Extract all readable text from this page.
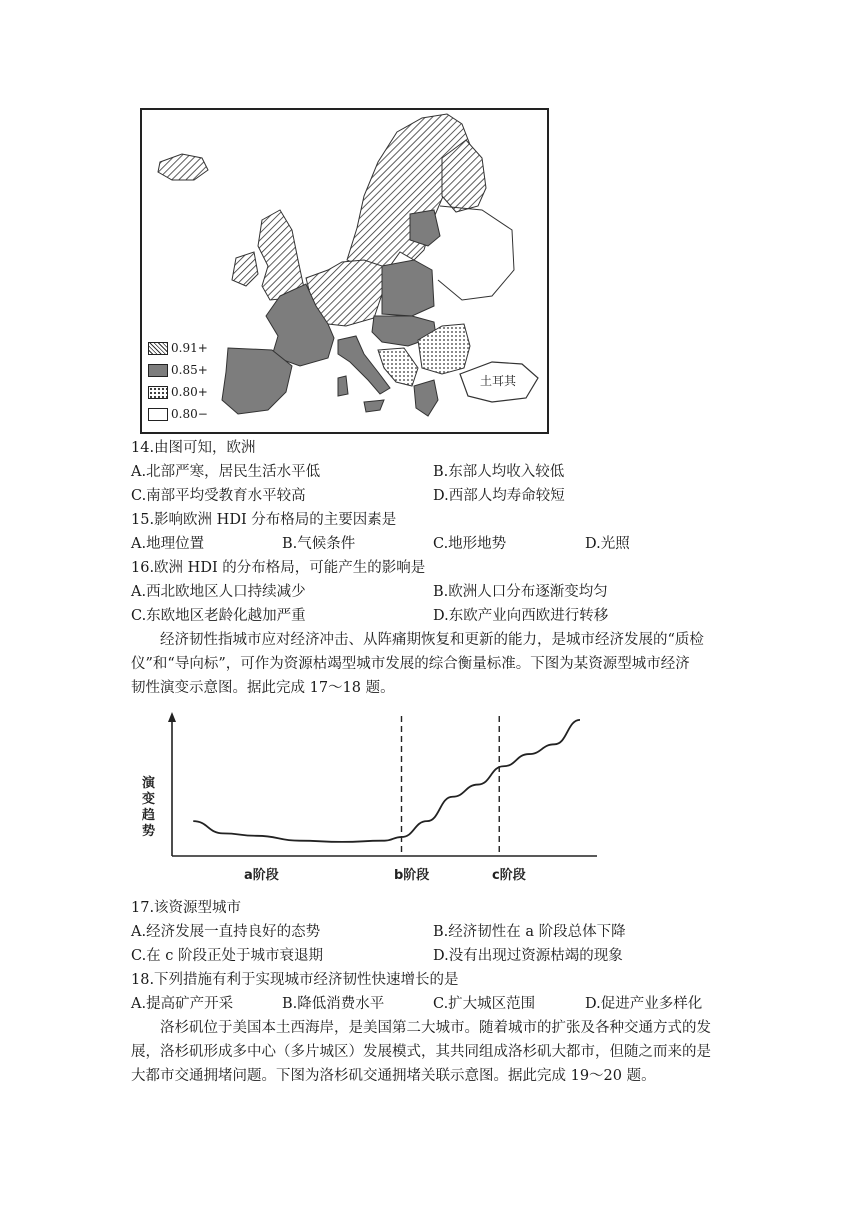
土耳其
0.91+
0.85+
0.80+
0.80−
14.由图可知，欧洲
A.北部严寒，居民生活水平低	B.东部人均收入较低
C.南部平均受教育水平较高	D.西部人均寿命较短
15.影响欧洲 HDI 分布格局的主要因素是
A.地理位置	B.气候条件	C.地形地势	D.光照
16.欧洲 HDI 的分布格局，可能产生的影响是
A.西北欧地区人口持续减少	B.欧洲人口分布逐渐变均匀
C.东欧地区老龄化越加严重	D.东欧产业向西欧进行转移
经济韧性指城市应对经济冲击、从阵痛期恢复和更新的能力，是城市经济发展的“质检
仪”和“导向标”，可作为资源枯竭型城市发展的综合衡量标准。下图为某资源型城市经济
韧性演变示意图。据此完成 17～18 题。
演变趋势
a阶段	b阶段	c阶段
17.该资源型城市
A.经济发展一直持良好的态势	B.经济韧性在 a 阶段总体下降
C.在 c 阶段正处于城市衰退期	D.没有出现过资源枯竭的现象
18.下列措施有利于实现城市经济韧性快速增长的是
A.提高矿产开采	B.降低消费水平	C.扩大城区范围	D.促进产业多样化
洛杉矶位于美国本土西海岸，是美国第二大城市。随着城市的扩张及各种交通方式的发
展，洛杉矶形成多中心（多片城区）发展模式，其共同组成洛杉矶大都市，但随之而来的是
大都市交通拥堵问题。下图为洛杉矶交通拥堵关联示意图。据此完成 19～20 题。
